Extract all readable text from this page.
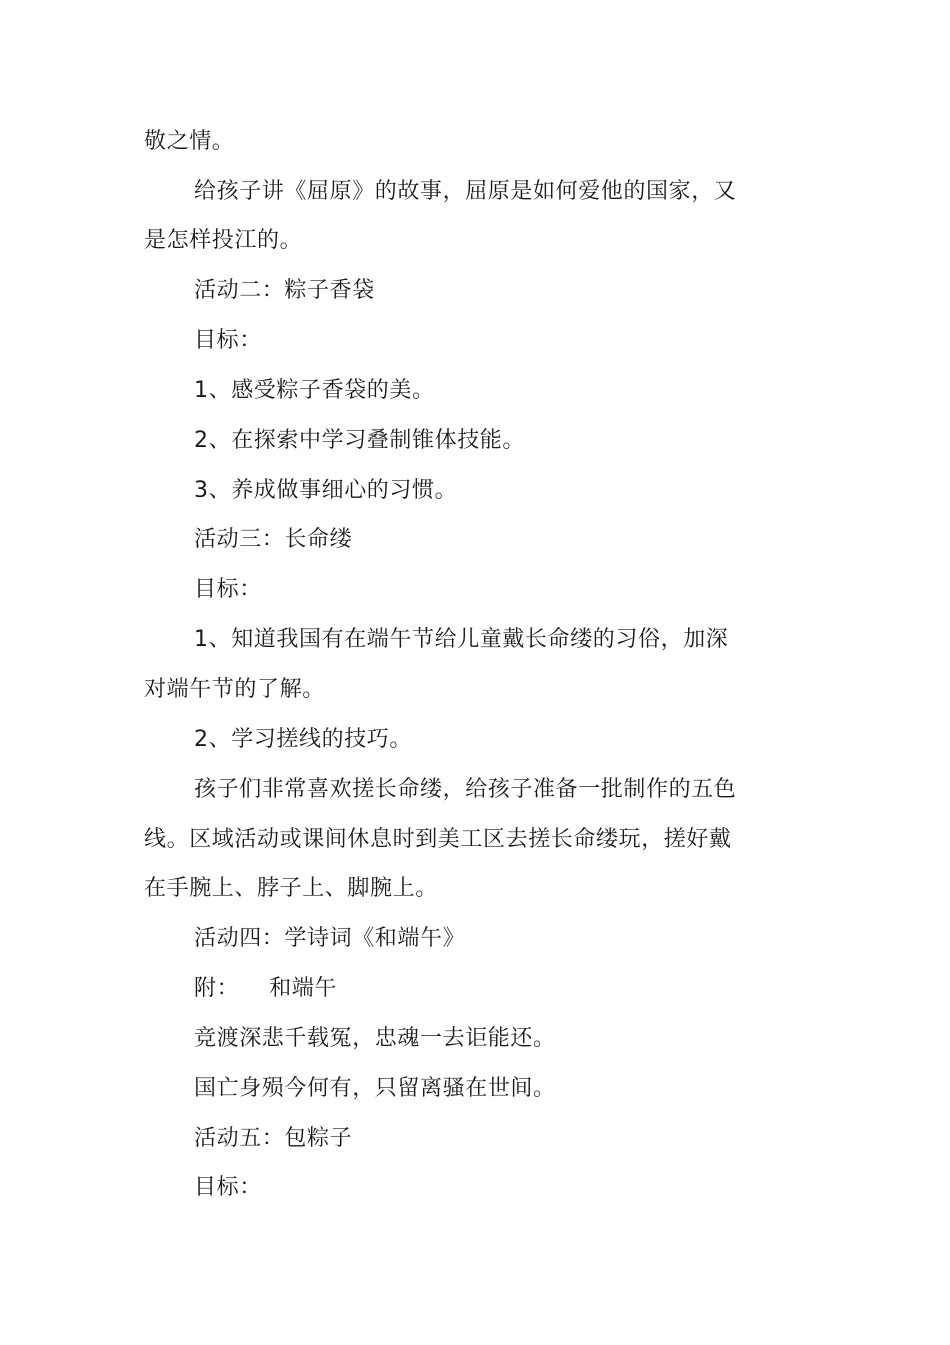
敬之情。
给孩子讲《屈原》的故事，屈原是如何爱他的国家，又
是怎样投江的。
活动二：粽子香袋
目标：
1、感受粽子香袋的美。
2、在探索中学习叠制锥体技能。
3、养成做事细心的习惯。
活动三：长命缕
目标：
1、知道我国有在端午节给儿童戴长命缕的习俗，加深
对端午节的了解。
2、学习搓线的技巧。
孩子们非常喜欢搓长命缕，给孩子准备一批制作的五色
线。区域活动或课间休息时到美工区去搓长命缕玩，搓好戴
在手腕上、脖子上、脚腕上。
活动四：学诗词《和端午》
附： 和端午
竞渡深悲千载冤，忠魂一去讵能还。
国亡身殒今何有，只留离骚在世间。
活动五：包粽子
目标：
